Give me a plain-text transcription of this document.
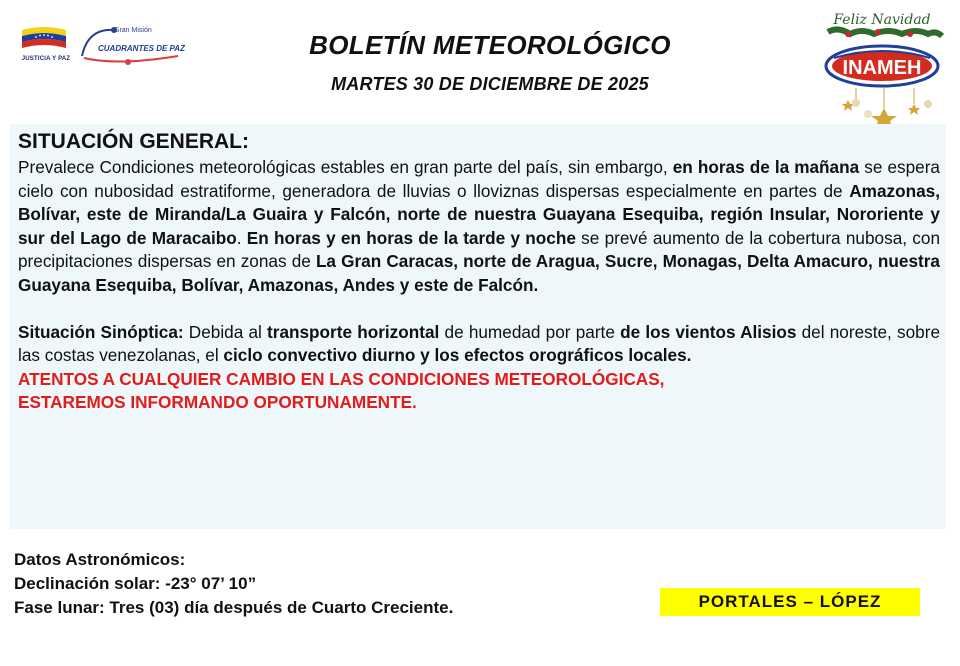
JUSTICIA Y PAZ
Gran Misión
CUADRANTES DE PAZ	BOLETÍN METEOROLÓGICO
MARTES 30 DE DICIEMBRE DE 2025
Feliz Navidad
INAMEH
SITUACIÓN GENERAL:

Prevalece Condiciones meteorológicas estables en gran parte del país, sin embargo, en horas de la mañana se espera cielo con nubosidad estratiforme, generadora de lluvias o lloviznas dispersas especialmente en partes de Amazonas, Bolívar, este de Miranda/La Guaira y Falcón, norte de nuestra Guayana Esequiba, región Insular, Nororiente y sur del Lago de Maracaibo. En horas y en horas de la tarde y noche se prevé aumento de la cobertura nubosa, con precipitaciones dispersas en zonas de La Gran Caracas, norte de Aragua, Sucre, Monagas, Delta Amacuro, nuestra Guayana Esequiba, Bolívar, Amazonas, Andes y este de Falcón.

Situación Sinóptica: Debida al transporte horizontal de humedad por parte de los vientos Alisios del noreste, sobre las costas venezolanas, el ciclo convectivo diurno y los efectos orográficos locales.

ATENTOS A CUALQUIER CAMBIO EN LAS CONDICIONES METEOROLÓGICAS,

ESTAREMOS INFORMANDO OPORTUNAMENTE.

Datos Astronómicos:
Declinación solar: -23° 07’ 10”
Fase lunar: Tres (03) día después de Cuarto Creciente.	PORTALES – LÓPEZ
